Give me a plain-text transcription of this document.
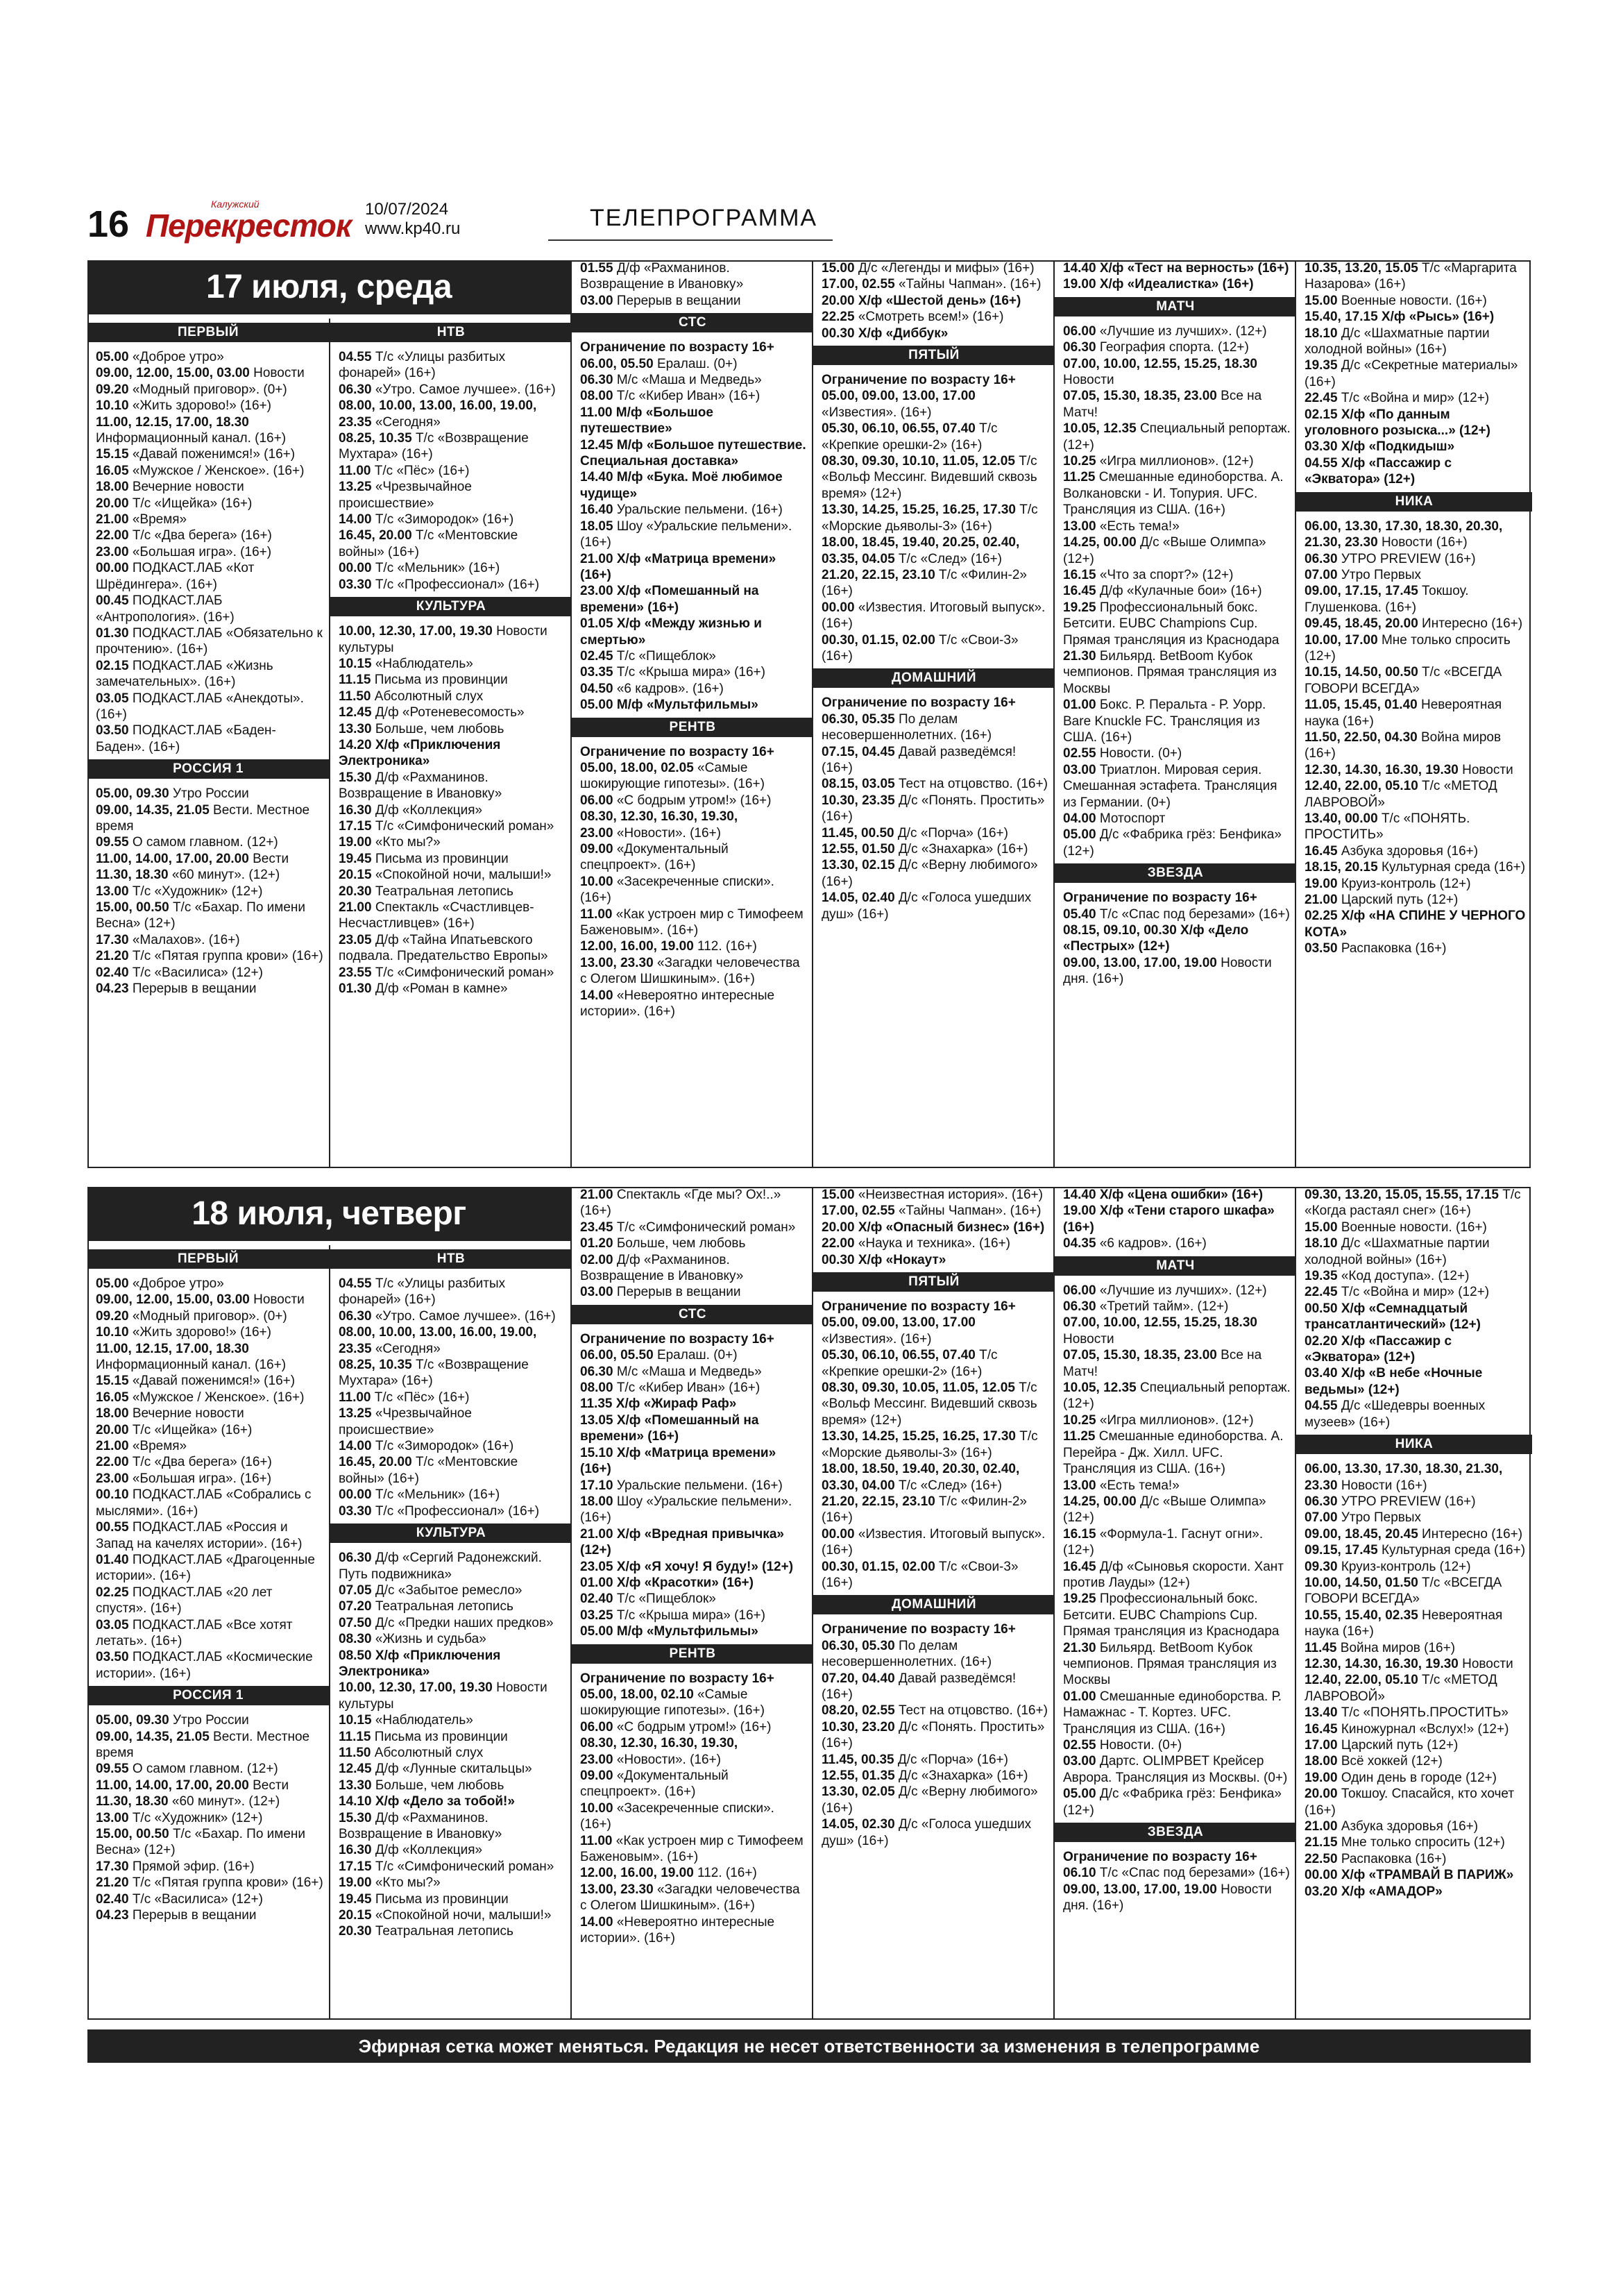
16	Калужский
Перекресток 10/07/2024
www.kp40.ru	ТЕЛЕПРОГРАММА
17 июля, среда
ПЕРВЫЙ

05.00 «Доброе утро»

09.00, 12.00, 15.00, 03.00 Новости

09.20 «Модный приговор». (0+)

10.10 «Жить здорово!» (16+)

11.00, 12.15, 17.00, 18.30 Информационный канал. (16+)

15.15 «Давай поженимся!» (16+)

16.05 «Мужское / Женское». (16+)

18.00 Вечерние новости

20.00 Т/с «Ищейка» (16+)

21.00 «Время»

22.00 Т/с «Два берега» (16+)

23.00 «Большая игра». (16+)

00.00 ПОДКАСТ.ЛАБ «Кот Шрёдингера». (16+)

00.45 ПОДКАСТ.ЛАБ «Антропология». (16+)

01.30 ПОДКАСТ.ЛАБ «Обязательно к прочтению». (16+)

02.15 ПОДКАСТ.ЛАБ «Жизнь замечательных». (16+)

03.05 ПОДКАСТ.ЛАБ «Анекдоты». (16+)

03.50 ПОДКАСТ.ЛАБ «Баден-Баден». (16+)

РОССИЯ 1

05.00, 09.30 Утро России

09.00, 14.35, 21.05 Вести. Местное время

09.55 О самом главном. (12+)

11.00, 14.00, 17.00, 20.00 Вести

11.30, 18.30 «60 минут». (12+)

13.00 Т/с «Художник» (12+)

15.00, 00.50 Т/с «Бахар. По имени Весна» (12+)

17.30 «Малахов». (16+)

21.20 Т/с «Пятая группа крови» (16+)

02.40 Т/с «Василиса» (12+)

04.23 Перерыв в вещании

НТВ

04.55 Т/с «Улицы разбитых фонарей» (16+)

06.30 «Утро. Самое лучшее». (16+)

08.00, 10.00, 13.00, 16.00, 19.00, 23.35 «Сегодня»

08.25, 10.35 Т/с «Возвращение Мухтара» (16+)

11.00 Т/с «Пёс» (16+)

13.25 «Чрезвычайное происшествие»

14.00 Т/с «Зимородок» (16+)

16.45, 20.00 Т/с «Ментовские войны» (16+)

00.00 Т/с «Мельник» (16+)

03.30 Т/с «Профессионал» (16+)

КУЛЬТУРА

10.00, 12.30, 17.00, 19.30 Новости культуры

10.15 «Наблюдатель»

11.15 Письма из провинции

11.50 Абсолютный слух

12.45 Д/ф «Ротеневесомость»

13.30 Больше, чем любовь

14.20 Х/ф «Приключения Электроника»

15.30 Д/ф «Рахманинов. Возвращение в Ивановку»

16.30 Д/ф «Коллекция»

17.15 Т/с «Симфонический роман»

19.00 «Кто мы?»

19.45 Письма из провинции

20.15 «Спокойной ночи, малыши!»

20.30 Театральная летопись

21.00 Спектакль «Счастливцев-Несчастливцев» (16+)

23.05 Д/ф «Тайна Ипатьевского подвала. Предательство Европы»

23.55 Т/с «Симфонический роман»

01.30 Д/ф «Роман в камне»

01.55 Д/ф «Рахманинов. Возвращение в Ивановку»

03.00 Перерыв в вещании

СТС

Ограничение по возрасту 16+

06.00, 05.50 Ералаш. (0+)

06.30 М/с «Маша и Медведь»

08.00 Т/с «Кибер Иван» (16+)

11.00 М/ф «Большое путешествие»

12.45 М/ф «Большое путешествие. Специальная доставка»

14.40 М/ф «Бука. Моё любимое чудище»

16.40 Уральские пельмени. (16+)

18.05 Шоу «Уральские пельмени». (16+)

21.00 Х/ф «Матрица времени» (16+)

23.00 Х/ф «Помешанный на времени» (16+)

01.05 Х/ф «Между жизнью и смертью»

02.45 Т/с «Пищеблок»

03.35 Т/с «Крыша мира» (16+)

04.50 «6 кадров». (16+)

05.00 М/ф «Мультфильмы»

РЕНТВ

Ограничение по возрасту 16+

05.00, 18.00, 02.05 «Самые шокирующие гипотезы». (16+)

06.00 «С бодрым утром!» (16+)

08.30, 12.30, 16.30, 19.30,

23.00 «Новости». (16+)

09.00 «Документальный спецпроект». (16+)

10.00 «Засекреченные списки». (16+)

11.00 «Как устроен мир с Тимофеем Баженовым». (16+)

12.00, 16.00, 19.00 112. (16+)

13.00, 23.30 «Загадки человечества с Олегом Шишкиным». (16+)

14.00 «Невероятно интересные истории». (16+)

15.00 Д/с «Легенды и мифы» (16+)

17.00, 02.55 «Тайны Чапман». (16+)

20.00 Х/ф «Шестой день» (16+)

22.25 «Смотреть всем!» (16+)

00.30 Х/ф «Диббук»

ПЯТЫЙ

Ограничение по возрасту 16+

05.00, 09.00, 13.00, 17.00 «Известия». (16+)

05.30, 06.10, 06.55, 07.40 Т/с «Крепкие орешки-2» (16+)

08.30, 09.30, 10.10, 11.05, 12.05 Т/с «Вольф Мессинг. Видевший сквозь время» (12+)

13.30, 14.25, 15.25, 16.25, 17.30 Т/с «Морские дьяволы-3» (16+)

18.00, 18.45, 19.40, 20.25, 02.40, 03.35, 04.05 Т/с «След» (16+)

21.20, 22.15, 23.10 Т/с «Филин-2» (16+)

00.00 «Известия. Итоговый выпуск». (16+)

00.30, 01.15, 02.00 Т/с «Свои-3» (16+)

ДОМАШНИЙ

Ограничение по возрасту 16+

06.30, 05.35 По делам несовершеннолетних. (16+)

07.15, 04.45 Давай разведёмся! (16+)

08.15, 03.05 Тест на отцовство. (16+)

10.30, 23.35 Д/с «Понять. Простить» (16+)

11.45, 00.50 Д/с «Порча» (16+)

12.55, 01.50 Д/с «Знахарка» (16+)

13.30, 02.15 Д/с «Верну любимого» (16+)

14.05, 02.40 Д/с «Голоса ушедших душ» (16+)

14.40 Х/ф «Тест на верность» (16+)

19.00 Х/ф «Идеалистка» (16+)

МАТЧ

06.00 «Лучшие из лучших». (12+)

06.30 География спорта. (12+)

07.00, 10.00, 12.55, 15.25, 18.30 Новости

07.05, 15.30, 18.35, 23.00 Все на Матч!

10.05, 12.35 Специальный репортаж. (12+)

10.25 «Игра миллионов». (12+)

11.25 Смешанные единоборства. А. Волкановски - И. Топурия. UFC. Трансляция из США. (16+)

13.00 «Есть тема!»

14.25, 00.00 Д/с «Выше Олимпа» (12+)

16.15 «Что за спорт?» (12+)

16.45 Д/ф «Кулачные бои» (16+)

19.25 Профессиональный бокс. Бетсити. EUBC Champions Cup. Прямая трансляция из Краснодара

21.30 Бильярд. BetBoom Кубок чемпионов. Прямая трансляция из Москвы

01.00 Бокс. Р. Перальта - Р. Уорр. Bare Knuckle FC. Трансляция из США. (16+)

02.55 Новости. (0+)

03.00 Триатлон. Мировая серия. Смешанная эстафета. Трансляция из Германии. (0+)

04.00 Мотоспорт

05.00 Д/с «Фабрика грёз: Бенфика» (12+)

ЗВЕЗДА

Ограничение по возрасту 16+

05.40 Т/с «Спас под березами» (16+)

08.15, 09.10, 00.30 Х/ф «Дело «Пестрых» (12+)

09.00, 13.00, 17.00, 19.00 Новости дня. (16+)

10.35, 13.20, 15.05 Т/с «Маргарита Назарова» (16+)

15.00 Военные новости. (16+)

15.40, 17.15 Х/ф «Рысь» (16+)

18.10 Д/с «Шахматные партии холодной войны» (16+)

19.35 Д/с «Секретные материалы» (16+)

22.45 Т/с «Война и мир» (12+)

02.15 Х/ф «По данным уголовного розыска...» (12+)

03.30 Х/ф «Подкидыш»

04.55 Х/ф «Пассажир с «Экватора» (12+)

НИКА

06.00, 13.30, 17.30, 18.30, 20.30, 21.30, 23.30 Новости (16+)

06.30 УТРО PREVIEW (16+)

07.00 Утро Первых

09.00, 17.15, 17.45 Токшоу. Глушенкова. (16+)

09.45, 18.45, 20.00 Интересно (16+)

10.00, 17.00 Мне только спросить (12+)

10.15, 14.50, 00.50 Т/с «ВСЕГДА ГОВОРИ ВСЕГДА»

11.05, 15.45, 01.40 Невероятная наука (16+)

11.50, 22.50, 04.30 Война миров (16+)

12.30, 14.30, 16.30, 19.30 Новости

12.40, 22.00, 05.10 Т/с «МЕТОД ЛАВРОВОЙ»

13.40, 00.00 Т/с «ПОНЯТЬ. ПРОСТИТЬ»

16.45 Азбука здоровья (16+)

18.15, 20.15 Культурная среда (16+)

19.00 Круиз-контроль (12+)

21.00 Царский путь (12+)

02.25 Х/ф «НА СПИНЕ У ЧЕРНОГО КОТА»

03.50 Распаковка (16+)

18 июля, четверг
ПЕРВЫЙ

05.00 «Доброе утро»

09.00, 12.00, 15.00, 03.00 Новости

09.20 «Модный приговор». (0+)

10.10 «Жить здорово!» (16+)

11.00, 12.15, 17.00, 18.30 Информационный канал. (16+)

15.15 «Давай поженимся!» (16+)

16.05 «Мужское / Женское». (16+)

18.00 Вечерние новости

20.00 Т/с «Ищейка» (16+)

21.00 «Время»

22.00 Т/с «Два берега» (16+)

23.00 «Большая игра». (16+)

00.10 ПОДКАСТ.ЛАБ «Собрались с мыслями». (16+)

00.55 ПОДКАСТ.ЛАБ «Россия и Запад на качелях истории». (16+)

01.40 ПОДКАСТ.ЛАБ «Драгоценные истории». (16+)

02.25 ПОДКАСТ.ЛАБ «20 лет спустя». (16+)

03.05 ПОДКАСТ.ЛАБ «Все хотят летать». (16+)

03.50 ПОДКАСТ.ЛАБ «Космические истории». (16+)

РОССИЯ 1

05.00, 09.30 Утро России

09.00, 14.35, 21.05 Вести. Местное время

09.55 О самом главном. (12+)

11.00, 14.00, 17.00, 20.00 Вести

11.30, 18.30 «60 минут». (12+)

13.00 Т/с «Художник» (12+)

15.00, 00.50 Т/с «Бахар. По имени Весна» (12+)

17.30 Прямой эфир. (16+)

21.20 Т/с «Пятая группа крови» (16+)

02.40 Т/с «Василиса» (12+)

04.23 Перерыв в вещании

НТВ

04.55 Т/с «Улицы разбитых фонарей» (16+)

06.30 «Утро. Самое лучшее». (16+)

08.00, 10.00, 13.00, 16.00, 19.00, 23.35 «Сегодня»

08.25, 10.35 Т/с «Возвращение Мухтара» (16+)

11.00 Т/с «Пёс» (16+)

13.25 «Чрезвычайное происшествие»

14.00 Т/с «Зимородок» (16+)

16.45, 20.00 Т/с «Ментовские войны» (16+)

00.00 Т/с «Мельник» (16+)

03.30 Т/с «Профессионал» (16+)

КУЛЬТУРА

06.30 Д/ф «Сергий Радонежский. Путь подвижника»

07.05 Д/с «Забытое ремесло»

07.20 Театральная летопись

07.50 Д/с «Предки наших предков»

08.30 «Жизнь и судьба»

08.50 Х/ф «Приключения Электроника»

10.00, 12.30, 17.00, 19.30 Новости культуры

10.15 «Наблюдатель»

11.15 Письма из провинции

11.50 Абсолютный слух

12.45 Д/ф «Лунные скитальцы»

13.30 Больше, чем любовь

14.10 Х/ф «Дело за тобой!»

15.30 Д/ф «Рахманинов. Возвращение в Ивановку»

16.30 Д/ф «Коллекция»

17.15 Т/с «Симфонический роман»

19.00 «Кто мы?»

19.45 Письма из провинции

20.15 «Спокойной ночи, малыши!»

20.30 Театральная летопись

21.00 Спектакль «Где мы? Ох!..» (16+)

23.45 Т/с «Симфонический роман»

01.20 Больше, чем любовь

02.00 Д/ф «Рахманинов. Возвращение в Ивановку»

03.00 Перерыв в вещании

СТС

Ограничение по возрасту 16+

06.00, 05.50 Ералаш. (0+)

06.30 М/с «Маша и Медведь»

08.00 Т/с «Кибер Иван» (16+)

11.35 Х/ф «Жираф Раф»

13.05 Х/ф «Помешанный на времени» (16+)

15.10 Х/ф «Матрица времени» (16+)

17.10 Уральские пельмени. (16+)

18.00 Шоу «Уральские пельмени». (16+)

21.00 Х/ф «Вредная привычка» (12+)

23.05 Х/ф «Я хочу! Я буду!» (12+)

01.00 Х/ф «Красотки» (16+)

02.40 Т/с «Пищеблок»

03.25 Т/с «Крыша мира» (16+)

05.00 М/ф «Мультфильмы»

РЕНТВ

Ограничение по возрасту 16+

05.00, 18.00, 02.10 «Самые шокирующие гипотезы». (16+)

06.00 «С бодрым утром!» (16+)

08.30, 12.30, 16.30, 19.30,

23.00 «Новости». (16+)

09.00 «Документальный спецпроект». (16+)

10.00 «Засекреченные списки». (16+)

11.00 «Как устроен мир с Тимофеем Баженовым». (16+)

12.00, 16.00, 19.00 112. (16+)

13.00, 23.30 «Загадки человечества с Олегом Шишкиным». (16+)

14.00 «Невероятно интересные истории». (16+)

15.00 «Неизвестная история». (16+)

17.00, 02.55 «Тайны Чапман». (16+)

20.00 Х/ф «Опасный бизнес» (16+)

22.00 «Наука и техника». (16+)

00.30 Х/ф «Нокаут»

ПЯТЫЙ

Ограничение по возрасту 16+

05.00, 09.00, 13.00, 17.00 «Известия». (16+)

05.30, 06.10, 06.55, 07.40 Т/с «Крепкие орешки-2» (16+)

08.30, 09.30, 10.05, 11.05, 12.05 Т/с «Вольф Мессинг. Видевший сквозь время» (12+)

13.30, 14.25, 15.25, 16.25, 17.30 Т/с «Морские дьяволы-3» (16+)

18.00, 18.50, 19.40, 20.30, 02.40, 03.30, 04.00 Т/с «След» (16+)

21.20, 22.15, 23.10 Т/с «Филин-2» (16+)

00.00 «Известия. Итоговый выпуск». (16+)

00.30, 01.15, 02.00 Т/с «Свои-3» (16+)

ДОМАШНИЙ

Ограничение по возрасту 16+

06.30, 05.30 По делам несовершеннолетних. (16+)

07.20, 04.40 Давай разведёмся! (16+)

08.20, 02.55 Тест на отцовство. (16+)

10.30, 23.20 Д/с «Понять. Простить» (16+)

11.45, 00.35 Д/с «Порча» (16+)

12.55, 01.35 Д/с «Знахарка» (16+)

13.30, 02.05 Д/с «Верну любимого» (16+)

14.05, 02.30 Д/с «Голоса ушедших душ» (16+)

14.40 Х/ф «Цена ошибки» (16+)

19.00 Х/ф «Тени старого шкафа» (16+)

04.35 «6 кадров». (16+)

МАТЧ

06.00 «Лучшие из лучших». (12+)

06.30 «Третий тайм». (12+)

07.00, 10.00, 12.55, 15.25, 18.30 Новости

07.05, 15.30, 18.35, 23.00 Все на Матч!

10.05, 12.35 Специальный репортаж. (12+)

10.25 «Игра миллионов». (12+)

11.25 Смешанные единоборства. А. Перейра - Дж. Хилл. UFC. Трансляция из США. (16+)

13.00 «Есть тема!»

14.25, 00.00 Д/с «Выше Олимпа» (12+)

16.15 «Формула-1. Гаснут огни». (12+)

16.45 Д/ф «Сыновья скорости. Хант против Лауды» (12+)

19.25 Профессиональный бокс. Бетсити. EUBC Champions Cup. Прямая трансляция из Краснодара

21.30 Бильярд. BetBoom Кубок чемпионов. Прямая трансляция из Москвы

01.00 Смешанные единоборства. Р. Намажнас - Т. Кортез. UFC. Трансляция из США. (16+)

02.55 Новости. (0+)

03.00 Дартс. OLIMPBET Крейсер Аврора. Трансляция из Москвы. (0+)

05.00 Д/с «Фабрика грёз: Бенфика» (12+)

ЗВЕЗДА

Ограничение по возрасту 16+

06.10 Т/с «Спас под березами» (16+)

09.00, 13.00, 17.00, 19.00 Новости дня. (16+)

09.30, 13.20, 15.05, 15.55, 17.15 Т/с «Когда растаял снег» (16+)

15.00 Военные новости. (16+)

18.10 Д/с «Шахматные партии холодной войны» (16+)

19.35 «Код доступа». (12+)

22.45 Т/с «Война и мир» (12+)

00.50 Х/ф «Семнадцатый трансатлантический» (12+)

02.20 Х/ф «Пассажир с «Экватора» (12+)

03.40 Х/ф «В небе «Ночные ведьмы» (12+)

04.55 Д/с «Шедевры военных музеев» (16+)

НИКА

06.00, 13.30, 17.30, 18.30, 21.30, 23.30 Новости (16+)

06.30 УТРО PREVIEW (16+)

07.00 Утро Первых

09.00, 18.45, 20.45 Интересно (16+)

09.15, 17.45 Культурная среда (16+)

09.30 Круиз-контроль (12+)

10.00, 14.50, 01.50 Т/с «ВСЕГДА ГОВОРИ ВСЕГДА»

10.55, 15.40, 02.35 Невероятная наука (16+)

11.45 Война миров (16+)

12.30, 14.30, 16.30, 19.30 Новости

12.40, 22.00, 05.10 Т/с «МЕТОД ЛАВРОВОЙ»

13.40 Т/с «ПОНЯТЬ.ПРОСТИТЬ»

16.45 Киножурнал «Вслух!» (12+)

17.00 Царский путь (12+)

18.00 Всё хоккей (12+)

19.00 Один день в городе (12+)

20.00 Токшоу. Спасайся, кто хочет (16+)

21.00 Азбука здоровья (16+)

21.15 Мне только спросить (12+)

22.50 Распаковка (16+)

00.00 Х/ф «ТРАМВАЙ В ПАРИЖ»

03.20 Х/ф «АМАДОР»

Эфирная сетка может меняться. Редакция не несет ответственности за изменения в телепрограмме
